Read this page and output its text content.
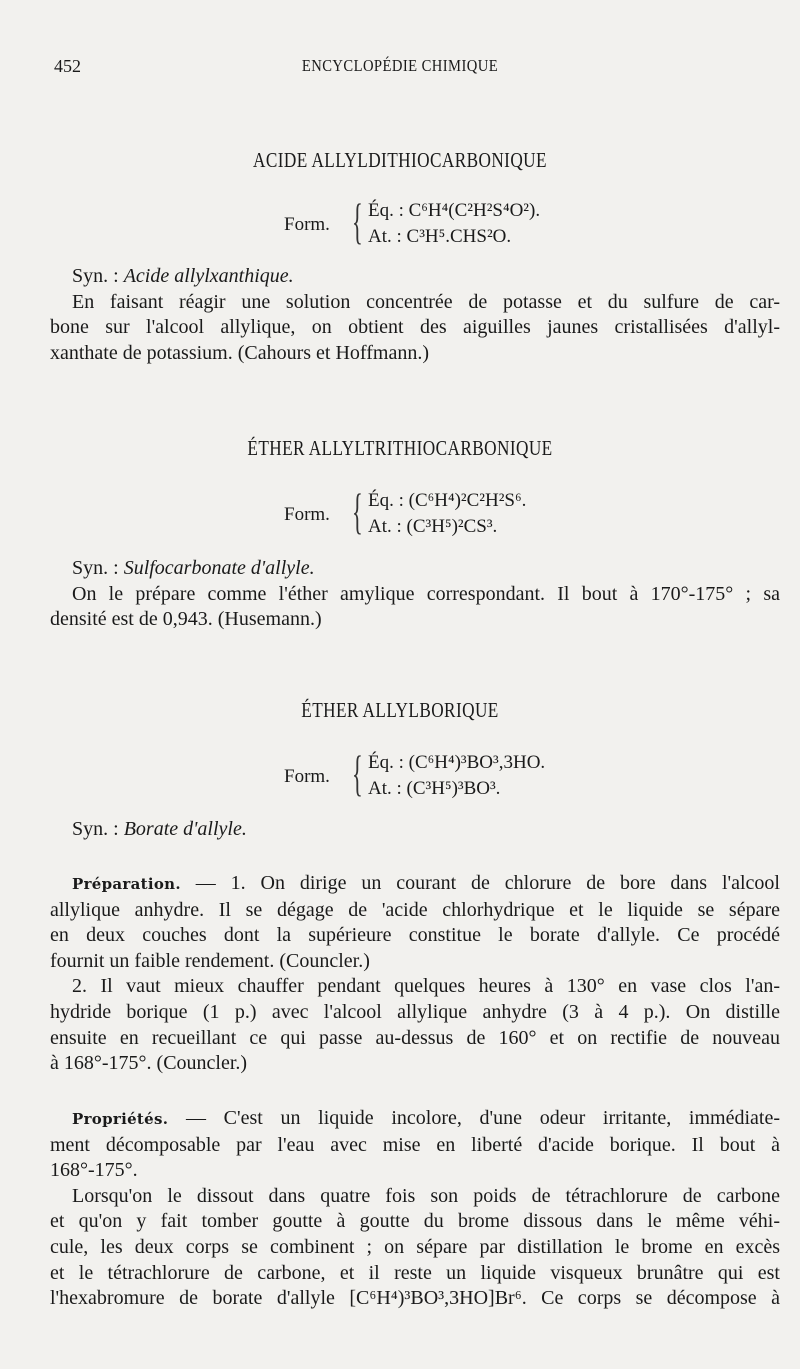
452	ENCYCLOPÉDIE CHIMIQUE
ACIDE ALLYLDITHIOCARBONIQUE
Form. { Éq. : C⁶H⁴(C²H²S⁴O²).
At. : C³H⁵.CHS²O.
Syn. : Acide allylxanthique.
En faisant réagir une solution concentrée de potasse et du sulfure de car-
bone sur l'alcool allylique, on obtient des aiguilles jaunes cristallisées d'allyl-
xanthate de potassium. (Cahours et Hoffmann.)
ÉTHER ALLYLTRITHIOCARBONIQUE
Form. { Éq. : (C⁶H⁴)²C²H²S⁶.
At. : (C³H⁵)²CS³.
Syn. : Sulfocarbonate d'allyle.
On le prépare comme l'éther amylique correspondant. Il bout à 170°-175° ; sa
densité est de 0,943. (Husemann.)
ÉTHER ALLYLBORIQUE
Form. { Éq. : (C⁶H⁴)³BO³,3HO.
At. : (C³H⁵)³BO³.
Syn. : Borate d'allyle.
Préparation. — 1. On dirige un courant de chlorure de bore dans l'alcool
allylique anhydre. Il se dégage de 'acide chlorhydrique et le liquide se sépare
en deux couches dont la supérieure constitue le borate d'allyle. Ce procédé
fournit un faible rendement. (Councler.)
2. Il vaut mieux chauffer pendant quelques heures à 130° en vase clos l'an-
hydride borique (1 p.) avec l'alcool allylique anhydre (3 à 4 p.). On distille
ensuite en recueillant ce qui passe au-dessus de 160° et on rectifie de nouveau
à 168°-175°. (Councler.)
Propriétés. — C'est un liquide incolore, d'une odeur irritante, immédiate-
ment décomposable par l'eau avec mise en liberté d'acide borique. Il bout à
168°-175°.
Lorsqu'on le dissout dans quatre fois son poids de tétrachlorure de carbone
et qu'on y fait tomber goutte à goutte du brome dissous dans le même véhi-
cule, les deux corps se combinent ; on sépare par distillation le brome en excès
et le tétrachlorure de carbone, et il reste un liquide visqueux brunâtre qui est
l'hexabromure de borate d'allyle [C⁶H⁴)³BO³,3HO]Br⁶. Ce corps se décompose à
